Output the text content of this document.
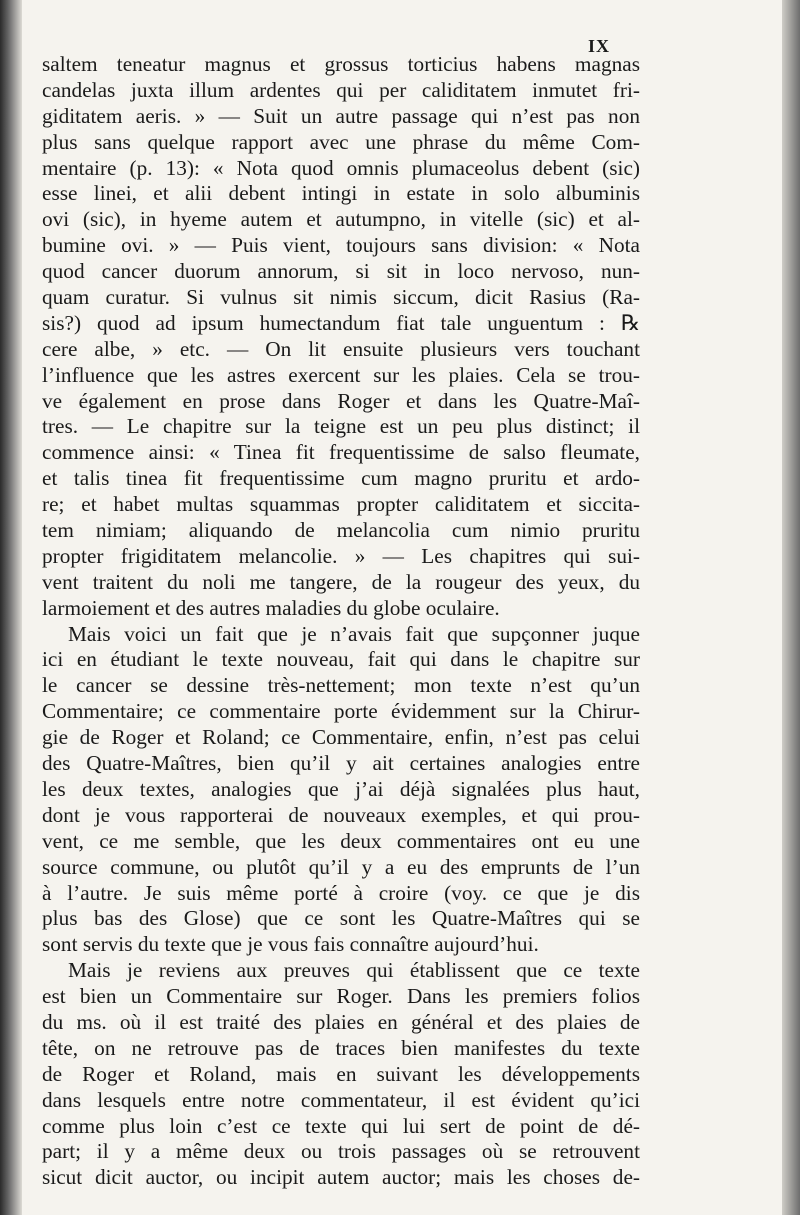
IX
saltem teneatur magnus et grossus torticius habens magnas
candelas juxta illum ardentes qui per caliditatem inmutet fri-
giditatem aeris. » — Suit un autre passage qui n’est pas non
plus sans quelque rapport avec une phrase du même Com-
mentaire (p. 13): « Nota quod omnis plumaceolus debent (sic)
esse linei, et alii debent intingi in estate in solo albuminis
ovi (sic), in hyeme autem et autumpno, in vitelle (sic) et al-
bumine ovi. » — Puis vient, toujours sans division: « Nota
quod cancer duorum annorum, si sit in loco nervoso, nun-
quam curatur. Si vulnus sit nimis siccum, dicit Rasius (Ra-
sis?) quod ad ipsum humectandum fiat tale unguentum : ℞
cere albe, » etc. — On lit ensuite plusieurs vers touchant
l’influence que les astres exercent sur les plaies. Cela se trou-
ve également en prose dans Roger et dans les Quatre-Maî-
tres. — Le chapitre sur la teigne est un peu plus distinct; il
commence ainsi: « Tinea fit frequentissime de salso fleumate,
et talis tinea fit frequentissime cum magno pruritu et ardo-
re; et habet multas squammas propter caliditatem et siccita-
tem nimiam; aliquando de melancolia cum nimio pruritu
propter frigiditatem melancolie. » — Les chapitres qui sui-
vent traitent du noli me tangere, de la rougeur des yeux, du
larmoiement et des autres maladies du globe oculaire.
Mais voici un fait que je n’avais fait que supçonner juque
ici en étudiant le texte nouveau, fait qui dans le chapitre sur
le cancer se dessine très-nettement; mon texte n’est qu’un
Commentaire; ce commentaire porte évidemment sur la Chirur-
gie de Roger et Roland; ce Commentaire, enfin, n’est pas celui
des Quatre-Maîtres, bien qu’il y ait certaines analogies entre
les deux textes, analogies que j’ai déjà signalées plus haut,
dont je vous rapporterai de nouveaux exemples, et qui prou-
vent, ce me semble, que les deux commentaires ont eu une
source commune, ou plutôt qu’il y a eu des emprunts de l’un
à l’autre. Je suis même porté à croire (voy. ce que je dis
plus bas des Glose) que ce sont les Quatre-Maîtres qui se
sont servis du texte que je vous fais connaître aujourd’hui.
Mais je reviens aux preuves qui établissent que ce texte
est bien un Commentaire sur Roger. Dans les premiers folios
du ms. où il est traité des plaies en général et des plaies de
tête, on ne retrouve pas de traces bien manifestes du texte
de Roger et Roland, mais en suivant les développements
dans lesquels entre notre commentateur, il est évident qu’ici
comme plus loin c’est ce texte qui lui sert de point de dé-
part; il y a même deux ou trois passages où se retrouvent
sicut dicit auctor, ou incipit autem auctor; mais les choses de-
